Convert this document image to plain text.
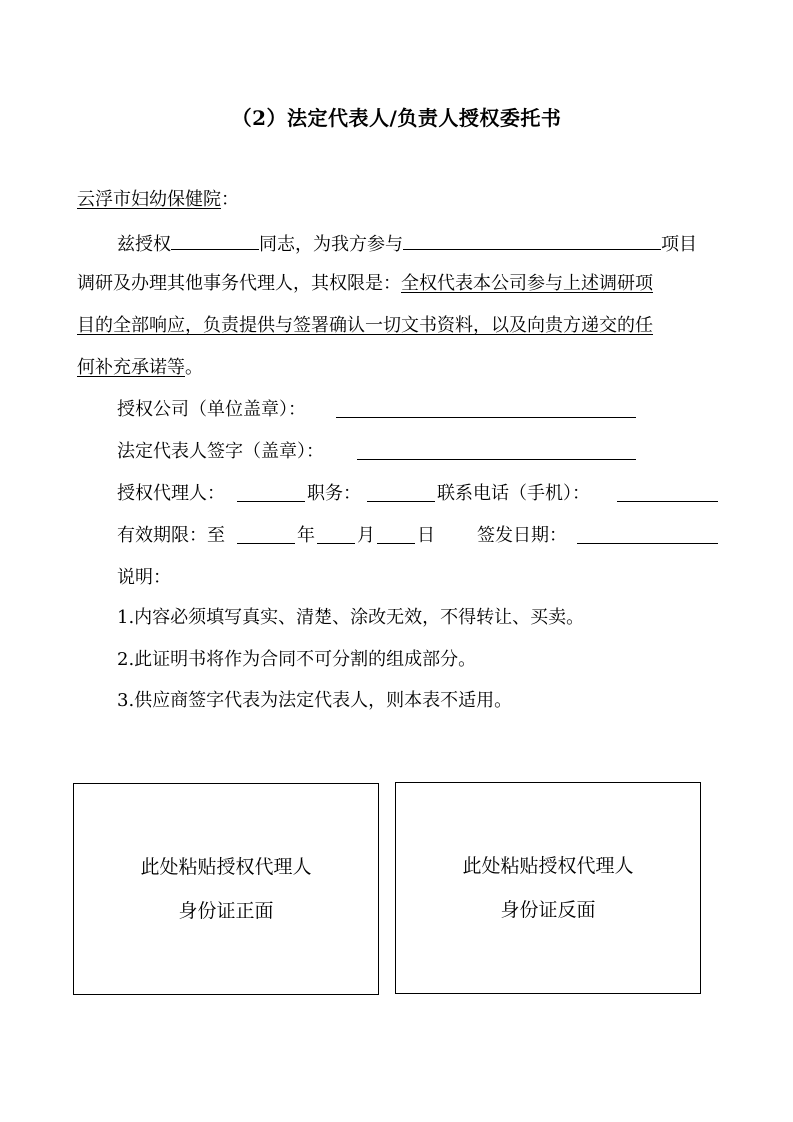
（2）法定代表人/负责人授权委托书
云浮市妇幼保健院：
兹授权	同志，为我方参与	项目
调研及办理其他事务代理人，其权限是：全权代表本公司参与上述调研项
目的全部响应，负责提供与签署确认一切文书资料，以及向贵方递交的任
何补充承诺等。
授权公司（单位盖章）：
法定代表人签字（盖章）：
授权代理人：	职务：	联系电话（手机）：
有效期限：至	年 月 日 签发日期：
说明：
1.内容必须填写真实、清楚、涂改无效，不得转让、买卖。
2.此证明书将作为合同不可分割的组成部分。
3.供应商签字代表为法定代表人，则本表不适用。
此处粘贴授权代理人
身份证正面
此处粘贴授权代理人
身份证反面
